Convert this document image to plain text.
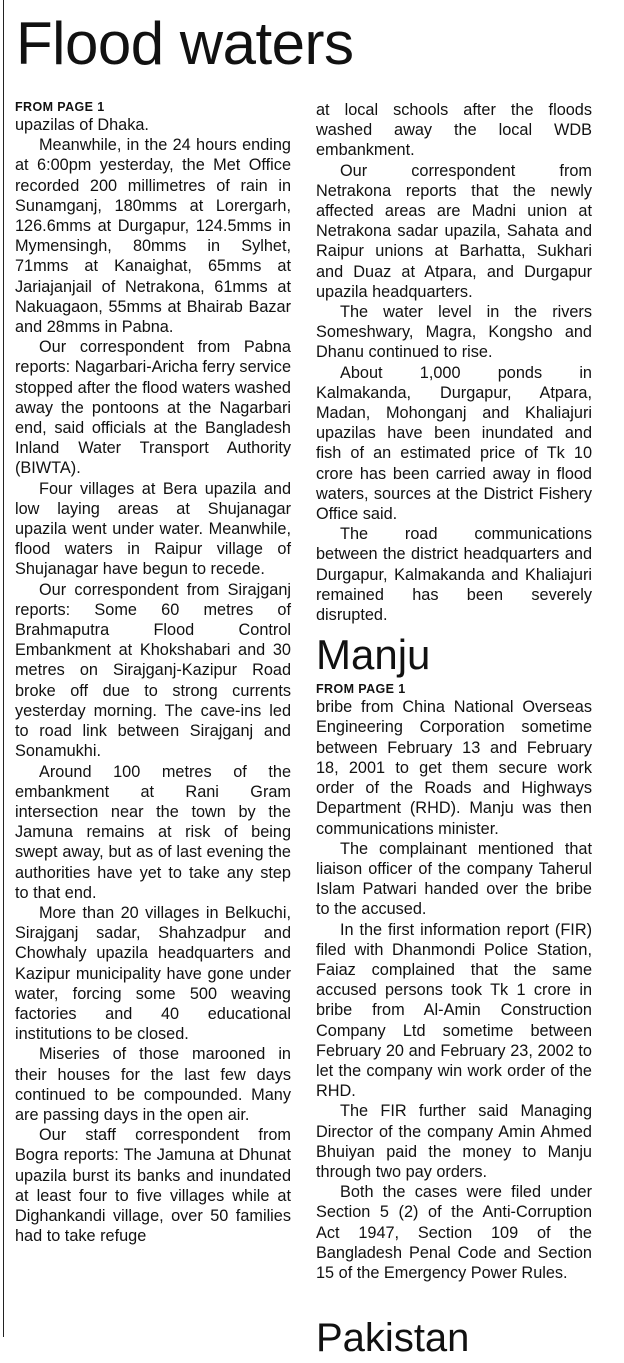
Flood waters

FROM PAGE 1

upazilas of Dhaka.

Meanwhile, in the 24 hours ending at 6:00pm yesterday, the Met Office recorded 200 millimetres of rain in Sunamganj, 180mms at Lorergarh, 126.6mms at Durgapur, 124.5mms in Mymensingh, 80mms in Sylhet, 71mms at Kanaighat, 65mms at Jariajanjail of Netrakona, 61mms at Nakuagaon, 55mms at Bhairab Bazar and 28mms in Pabna.

Our correspondent from Pabna reports: Nagarbari-Aricha ferry service stopped after the flood waters washed away the pontoons at the Nagarbari end, said officials at the Bangladesh Inland Water Transport Authority (BIWTA).

Four villages at Bera upazila and low laying areas at Shujanagar upazila went under water. Meanwhile, flood waters in Raipur village of Shujanagar have begun to recede.

Our correspondent from Sirajganj reports: Some 60 metres of Brahmaputra Flood Control Embankment at Khokshabari and 30 metres on Sirajganj-Kazipur Road broke off due to strong currents yesterday morning. The cave-ins led to road link between Sirajganj and Sonamukhi.

Around 100 metres of the embankment at Rani Gram intersection near the town by the Jamuna remains at risk of being swept away, but as of last evening the authorities have yet to take any step to that end.

More than 20 villages in Belkuchi, Sirajganj sadar, Shahzadpur and Chowhaly upazila headquarters and Kazipur municipality have gone under water, forcing some 500 weaving factories and 40 educational institutions to be closed.

Miseries of those marooned in their houses for the last few days continued to be compounded. Many are passing days in the open air.

Our staff correspondent from Bogra reports: The Jamuna at Dhunat upazila burst its banks and inundated at least four to five villages while at Dighankandi village, over 50 families had to take refuge

at local schools after the floods washed away the local WDB embankment.

Our correspondent from Netrakona reports that the newly affected areas are Madni union at Netrakona sadar upazila, Sahata and Raipur unions at Barhatta, Sukhari and Duaz at Atpara, and Durgapur upazila headquarters.

The water level in the rivers Someshwary, Magra, Kongsho and Dhanu continued to rise.

About 1,000 ponds in Kalmakanda, Durgapur, Atpara, Madan, Mohonganj and Khaliajuri upazilas have been inundated and fish of an estimated price of Tk 10 crore has been carried away in flood waters, sources at the District Fishery Office said.

The road communications between the district headquarters and Durgapur, Kalmakanda and Khaliajuri remained has been severely disrupted.

Manju

FROM PAGE 1

bribe from China National Overseas Engineering Corporation sometime between February 13 and February 18, 2001 to get them secure work order of the Roads and Highways Department (RHD). Manju was then communications minister.

The complainant mentioned that liaison officer of the company Taherul Islam Patwari handed over the bribe to the accused.

In the first information report (FIR) filed with Dhanmondi Police Station, Faiaz complained that the same accused persons took Tk 1 crore in bribe from Al-Amin Construction Company Ltd sometime between February 20 and February 23, 2002 to let the company win work order of the RHD.

The FIR further said Managing Director of the company Amin Ahmed Bhuiyan paid the money to Manju through two pay orders.

Both the cases were filed under Section 5 (2) of the Anti-Corruption Act 1947, Section 109 of the Bangladesh Penal Code and Section 15 of the Emergency Power Rules.

Pakistan
